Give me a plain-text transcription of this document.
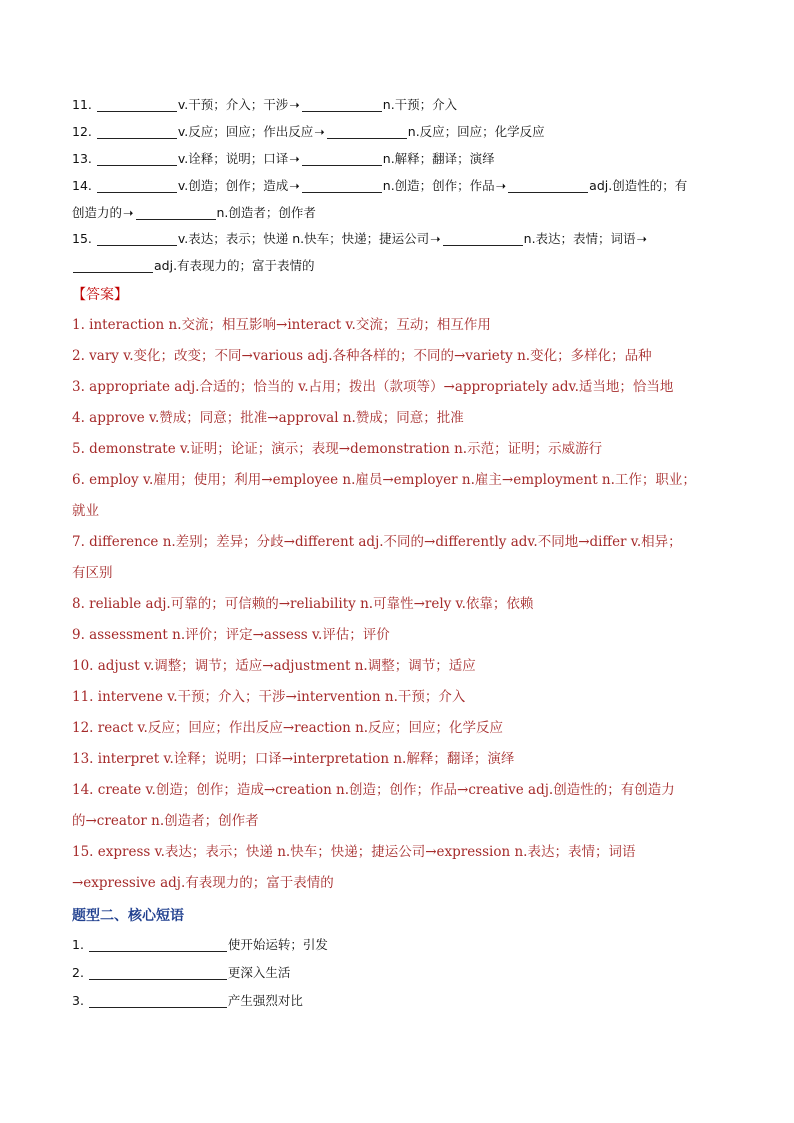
11.	v.干预；介入；干涉➝	n.干预；介入
12.	v.反应；回应；作出反应➝	n.反应；回应；化学反应
13.	v.诠释；说明；口译➝	n.解释；翻译；演绎
14.	v.创造；创作；造成➝	n.创造；创作；作品➝	adj.创造性的；有
创造力的➝	n.创造者；创作者
15.	v.表达；表示；快递 n.快车；快递；捷运公司➝	n.表达；表情；词语➝
adj.有表现力的；富于表情的
【答案】
1. interaction n.交流；相互影响→interact v.交流；互动；相互作用
2. vary v.变化；改变；不同→various adj.各种各样的；不同的→variety n.变化；多样化；品种
3. appropriate adj.合适的；恰当的 v.占用；拨出（款项等）→appropriately adv.适当地；恰当地
4. approve v.赞成；同意；批准→approval n.赞成；同意；批准
5. demonstrate v.证明；论证；演示；表现→demonstration n.示范；证明；示威游行
6. employ v.雇用；使用；利用→employee n.雇员→employer n.雇主→employment n.工作；职业；
就业
7. difference n.差别；差异；分歧→different adj.不同的→differently adv.不同地→differ v.相异；
有区别
8. reliable adj.可靠的；可信赖的→reliability n.可靠性→rely v.依靠；依赖
9. assessment n.评价；评定→assess v.评估；评价
10. adjust v.调整；调节；适应→adjustment n.调整；调节；适应
11. intervene v.干预；介入；干涉→intervention n.干预；介入
12. react v.反应；回应；作出反应→reaction n.反应；回应；化学反应
13. interpret v.诠释；说明；口译→interpretation n.解释；翻译；演绎
14. create v.创造；创作；造成→creation n.创造；创作；作品→creative adj.创造性的；有创造力
的→creator n.创造者；创作者
15. express v.表达；表示；快递 n.快车；快递；捷运公司→expression n.表达；表情；词语
→expressive adj.有表现力的；富于表情的
题型二、核心短语
1.	使开始运转；引发
2.	更深入生活
3.	产生强烈对比
